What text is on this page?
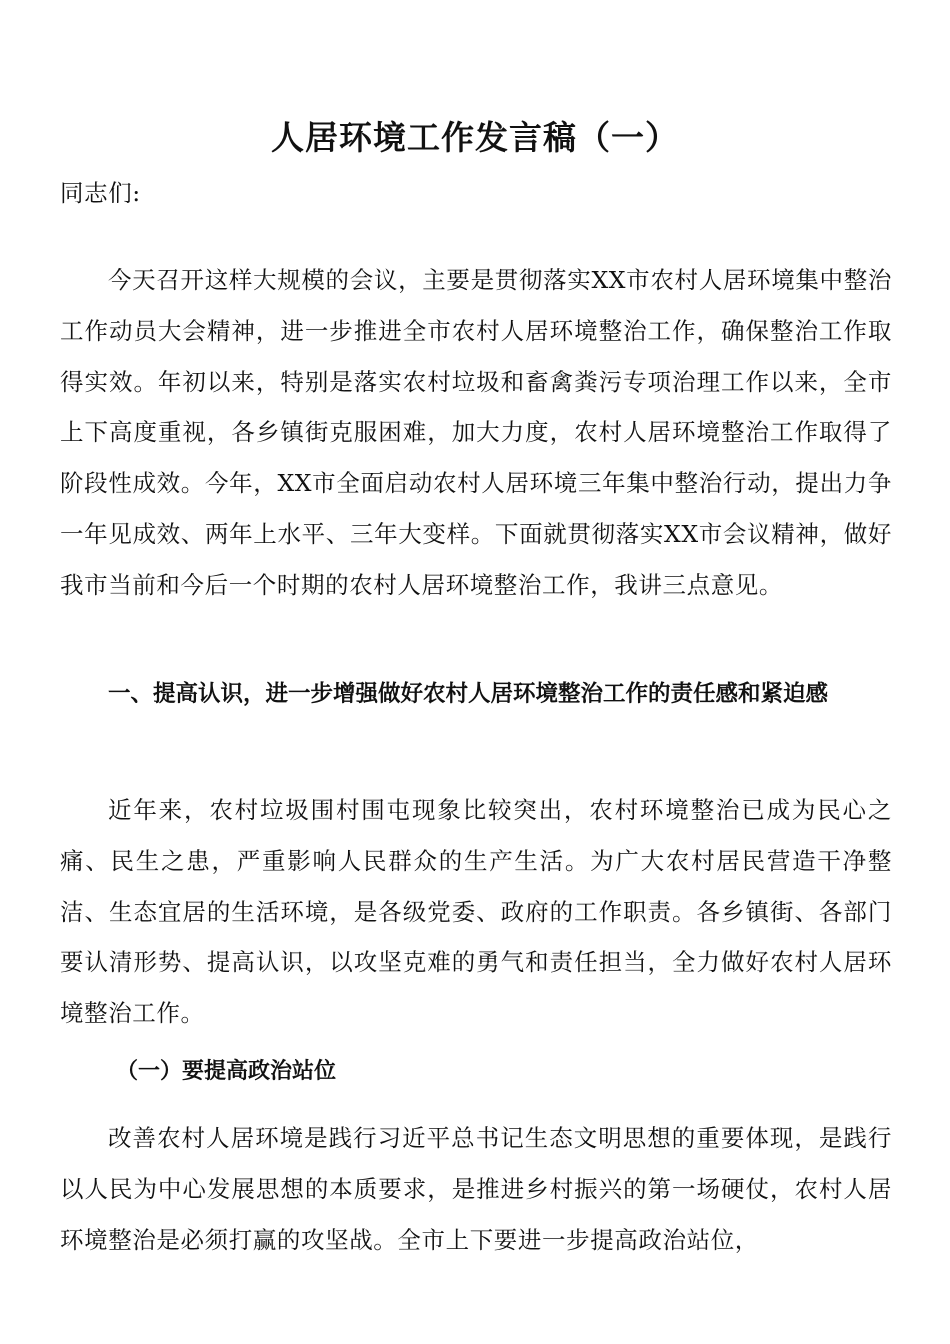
人居环境工作发言稿（一）

同志们:

今天召开这样大规模的会议，主要是贯彻落实XX市农村人居环境集中整治工作动员大会精神，进一步推进全市农村人居环境整治工作，确保整治工作取得实效。年初以来，特别是落实农村垃圾和畜禽粪污专项治理工作以来，全市上下高度重视，各乡镇街克服困难，加大力度，农村人居环境整治工作取得了阶段性成效。今年，XX市全面启动农村人居环境三年集中整治行动，提出力争一年见成效、两年上水平、三年大变样。下面就贯彻落实XX市会议精神，做好我市当前和今后一个时期的农村人居环境整治工作，我讲三点意见。

一、提高认识，进一步增强做好农村人居环境整治工作的责任感和紧迫感

近年来，农村垃圾围村围屯现象比较突出，农村环境整治已成为民心之痛、民生之患，严重影响人民群众的生产生活。为广大农村居民营造干净整洁、生态宜居的生活环境，是各级党委、政府的工作职责。各乡镇街、各部门要认清形势、提高认识，以攻坚克难的勇气和责任担当，全力做好农村人居环境整治工作。

（一）要提高政治站位

改善农村人居环境是践行习近平总书记生态文明思想的重要体现，是践行以人民为中心发展思想的本质要求，是推进乡村振兴的第一场硬仗，农村人居环境整治是必须打赢的攻坚战。全市上下要进一步提高政治站位，
